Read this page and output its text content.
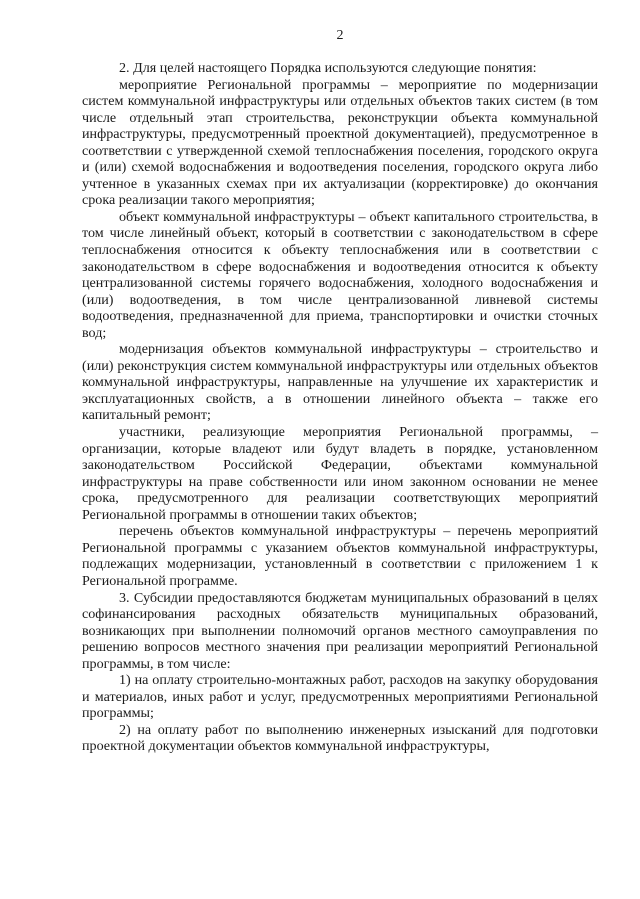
2

2. Для целей настоящего Порядка используются следующие понятия:

мероприятие Региональной программы – мероприятие по модернизации систем коммунальной инфраструктуры или отдельных объектов таких систем (в том числе отдельный этап строительства, реконструкции объекта коммунальной инфраструктуры, предусмотренный проектной документацией), предусмотренное в соответствии с утвержденной схемой теплоснабжения поселения, городского округа и (или) схемой водоснабжения и водоотведения поселения, городского округа либо учтенное в указанных схемах при их актуализации (корректировке) до окончания срока реализации такого мероприятия;

объект коммунальной инфраструктуры – объект капитального строительства, в том числе линейный объект, который в соответствии с законодательством в сфере теплоснабжения относится к объекту теплоснабжения или в соответствии с законодательством в сфере водоснабжения и водоотведения относится к объекту централизованной системы горячего водоснабжения, холодного водоснабжения и (или) водоотведения, в том числе централизованной ливневой системы водоотведения, предназначенной для приема, транспортировки и очистки сточных вод;

модернизация объектов коммунальной инфраструктуры – строительство и (или) реконструкция систем коммунальной инфраструктуры или отдельных объектов коммунальной инфраструктуры, направленные на улучшение их характеристик и эксплуатационных свойств, а в отношении линейного объекта – также его капитальный ремонт;

участники, реализующие мероприятия Региональной программы, – организации, которые владеют или будут владеть в порядке, установленном законодательством Российской Федерации, объектами коммунальной инфраструктуры на праве собственности или ином законном основании не менее срока, предусмотренного для реализации соответствующих мероприятий Региональной программы в отношении таких объектов;

перечень объектов коммунальной инфраструктуры – перечень мероприятий Региональной программы с указанием объектов коммунальной инфраструктуры, подлежащих модернизации, установленный в соответствии с приложением 1 к Региональной программе.

3. Субсидии предоставляются бюджетам муниципальных образований в целях софинансирования расходных обязательств муниципальных образований, возникающих при выполнении полномочий органов местного самоуправления по решению вопросов местного значения при реализации мероприятий Региональной программы, в том числе:

1) на оплату строительно-монтажных работ, расходов на закупку оборудования и материалов, иных работ и услуг, предусмотренных мероприятиями Региональной программы;

2) на оплату работ по выполнению инженерных изысканий для подготовки проектной документации объектов коммунальной инфраструктуры,
